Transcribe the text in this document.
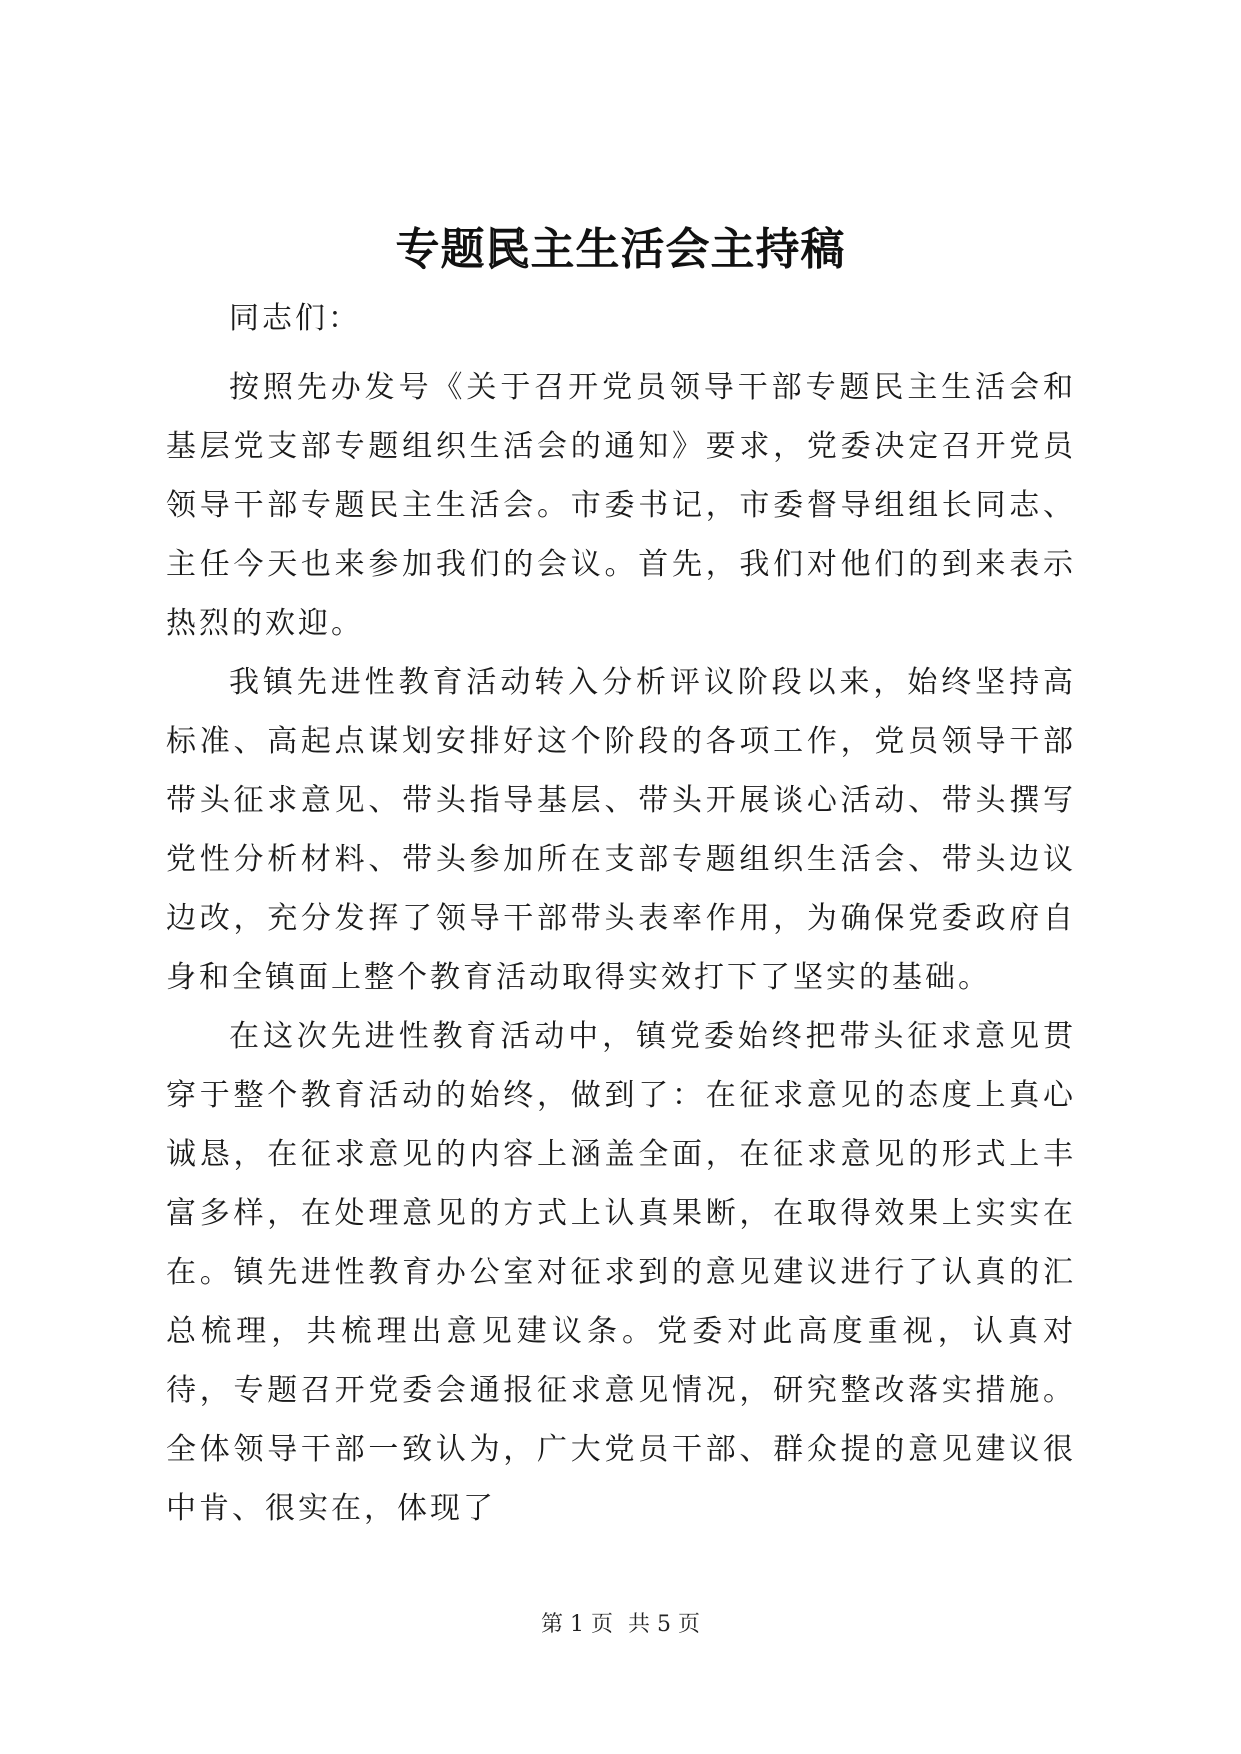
专题民主生活会主持稿

同志们：

按照先办发号《关于召开党员领导干部专题民主生活会和基层党支部专题组织生活会的通知》要求，党委决定召开党员领导干部专题民主生活会。市委书记，市委督导组组长同志、主任今天也来参加我们的会议。首先，我们对他们的到来表示热烈的欢迎。

我镇先进性教育活动转入分析评议阶段以来，始终坚持高标准、高起点谋划安排好这个阶段的各项工作，党员领导干部带头征求意见、带头指导基层、带头开展谈心活动、带头撰写党性分析材料、带头参加所在支部专题组织生活会、带头边议边改，充分发挥了领导干部带头表率作用，为确保党委政府自身和全镇面上整个教育活动取得实效打下了坚实的基础。

在这次先进性教育活动中，镇党委始终把带头征求意见贯穿于整个教育活动的始终，做到了：在征求意见的态度上真心诚恳，在征求意见的内容上涵盖全面，在征求意见的形式上丰富多样，在处理意见的方式上认真果断，在取得效果上实实在在。镇先进性教育办公室对征求到的意见建议进行了认真的汇总梳理，共梳理出意见建议条。党委对此高度重视，认真对待，专题召开党委会通报征求意见情况，研究整改落实措施。全体领导干部一致认为，广大党员干部、群众提的意见建议很中肯、很实在，体现了

第 1 页 共 5 页
